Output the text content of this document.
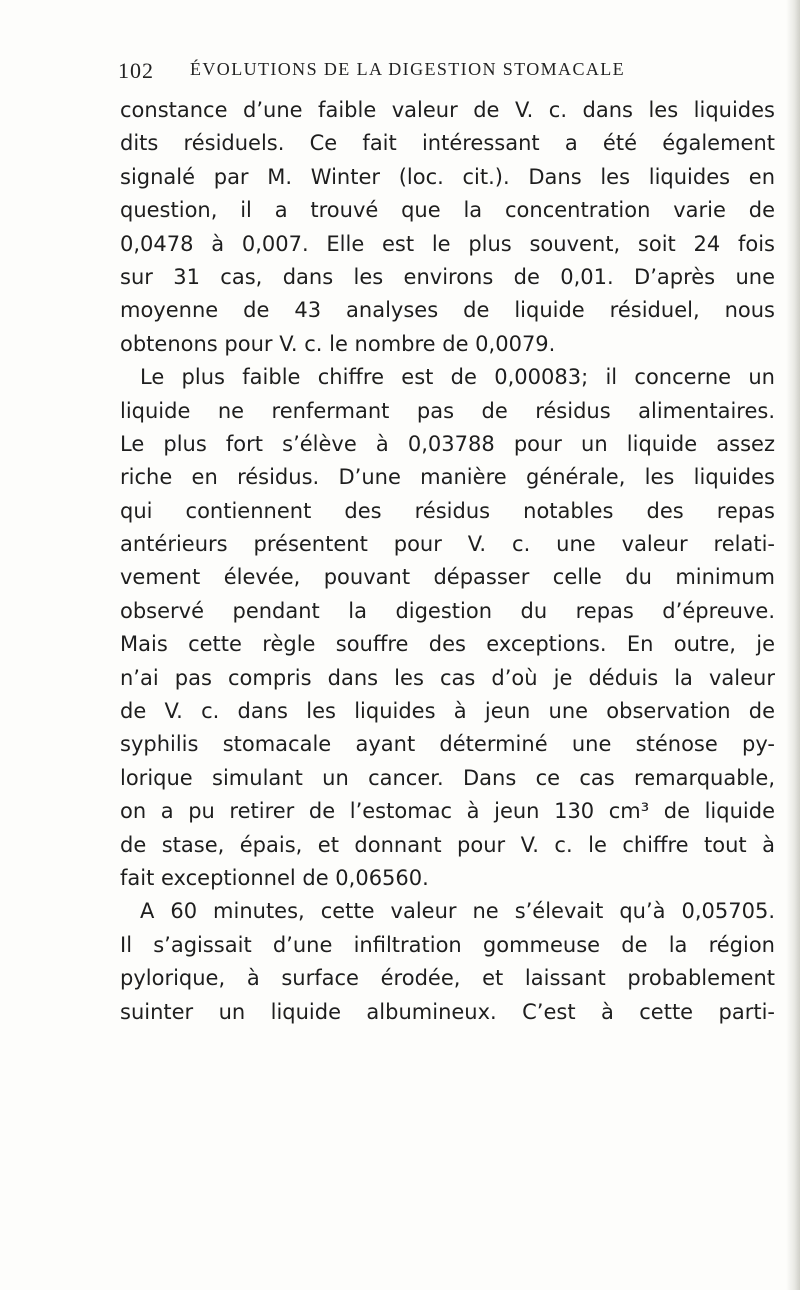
102 ÉVOLUTIONS DE LA DIGESTION STOMACALE
constance d’une faible valeur de V. c. dans les liquides
dits résiduels. Ce fait intéressant a été également
signalé par M. Winter (loc. cit.). Dans les liquides en
question, il a trouvé que la concentration varie de
0,0478 à 0,007. Elle est le plus souvent, soit 24 fois
sur 31 cas, dans les environs de 0,01. D’après une
moyenne de 43 analyses de liquide résiduel, nous
obtenons pour V. c. le nombre de 0,0079.
Le plus faible chiffre est de 0,00083; il concerne un
liquide ne renfermant pas de résidus alimentaires.
Le plus fort s’élève à 0,03788 pour un liquide assez
riche en résidus. D’une manière générale, les liquides
qui contiennent des résidus notables des repas
antérieurs présentent pour V. c. une valeur relati-
vement élevée, pouvant dépasser celle du minimum
observé pendant la digestion du repas d’épreuve.
Mais cette règle souffre des exceptions. En outre, je
n’ai pas compris dans les cas d’où je déduis la valeur
de V. c. dans les liquides à jeun une observation de
syphilis stomacale ayant déterminé une sténose py-
lorique simulant un cancer. Dans ce cas remarquable,
on a pu retirer de l’estomac à jeun 130 cm³ de liquide
de stase, épais, et donnant pour V. c. le chiffre tout à
fait exceptionnel de 0,06560.
A 60 minutes, cette valeur ne s’élevait qu’à 0,05705.
Il s’agissait d’une infiltration gommeuse de la région
pylorique, à surface érodée, et laissant probablement
suinter un liquide albumineux. C’est à cette parti-
